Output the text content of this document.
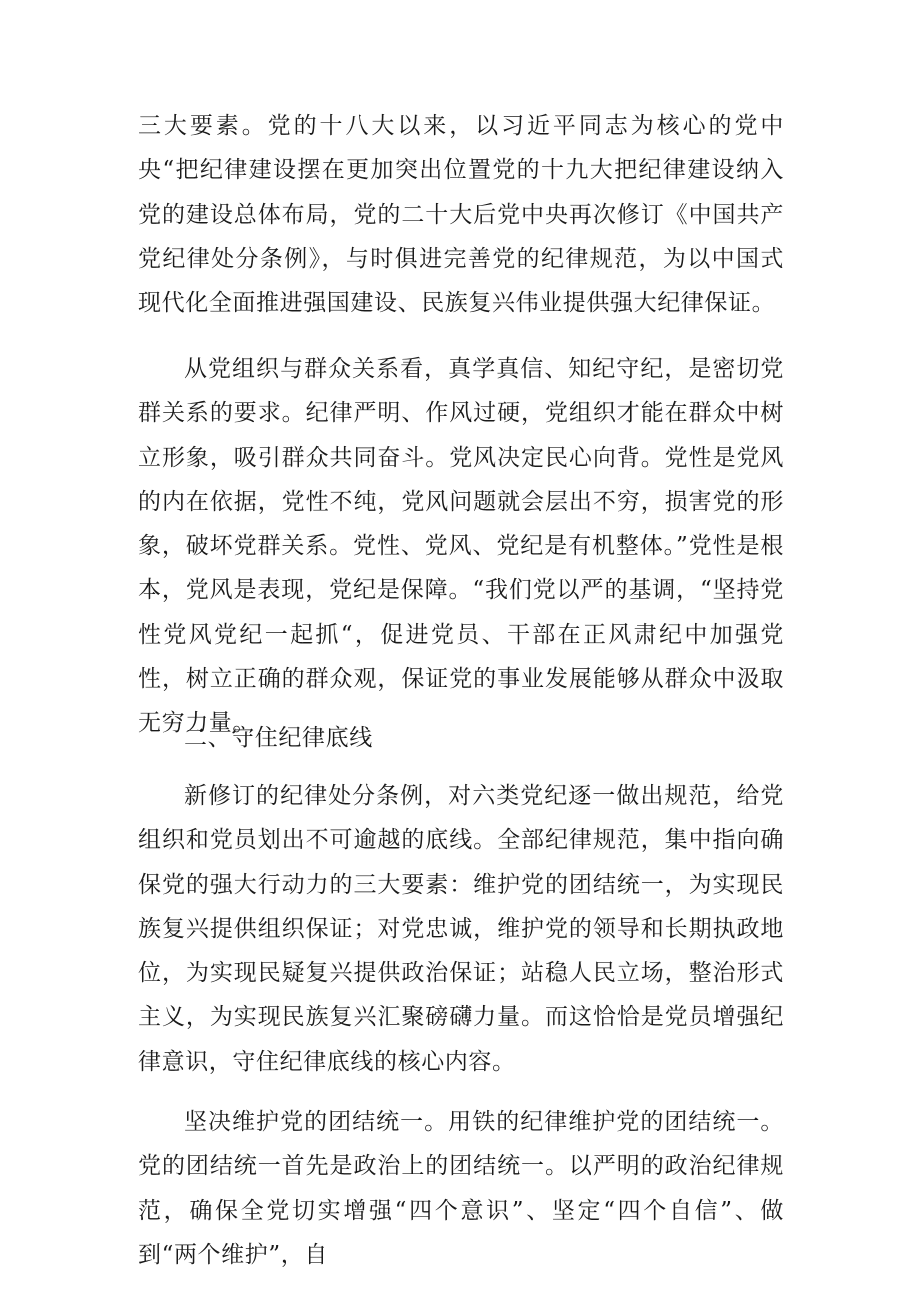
三大要素。党的十八大以来，以习近平同志为核心的党中央“把纪律建设摆在更加突出位置党的十九大把纪律建设纳入党的建设总体布局，党的二十大后党中央再次修订《中国共产党纪律处分条例》，与时俱进完善党的纪律规范，为以中国式现代化全面推进强国建设、民族复兴伟业提供强大纪律保证。

从党组织与群众关系看，真学真信、知纪守纪，是密切党群关系的要求。纪律严明、作风过硬，党组织才能在群众中树立形象，吸引群众共同奋斗。党风决定民心向背。党性是党风的内在依据，党性不纯，党风问题就会层出不穷，损害党的形象，破坏党群关系。党性、党风、党纪是有机整体。”党性是根本，党风是表现，党纪是保障。“我们党以严的基调，“坚持党性党风党纪一起抓“，促进党员、干部在正风肃纪中加强党性，树立正确的群众观，保证党的事业发展能够从群众中汲取无穷力量。

二、守住纪律底线

新修订的纪律处分条例，对六类党纪逐一做出规范，给党组织和党员划出不可逾越的底线。全部纪律规范，集中指向确保党的强大行动力的三大要素：维护党的团结统一，为实现民族复兴提供组织保证；对党忠诚，维护党的领导和长期执政地位，为实现民疑复兴提供政治保证；站稳人民立场，整治形式主义，为实现民族复兴汇聚磅礴力量。而这恰恰是党员增强纪律意识，守住纪律底线的核心内容。

坚决维护党的团结统一。用铁的纪律维护党的团结统一。党的团结统一首先是政治上的团结统一。以严明的政治纪律规范，确保全党切实增强“四个意识”、坚定“四个自信”、做到“两个维护”，自
